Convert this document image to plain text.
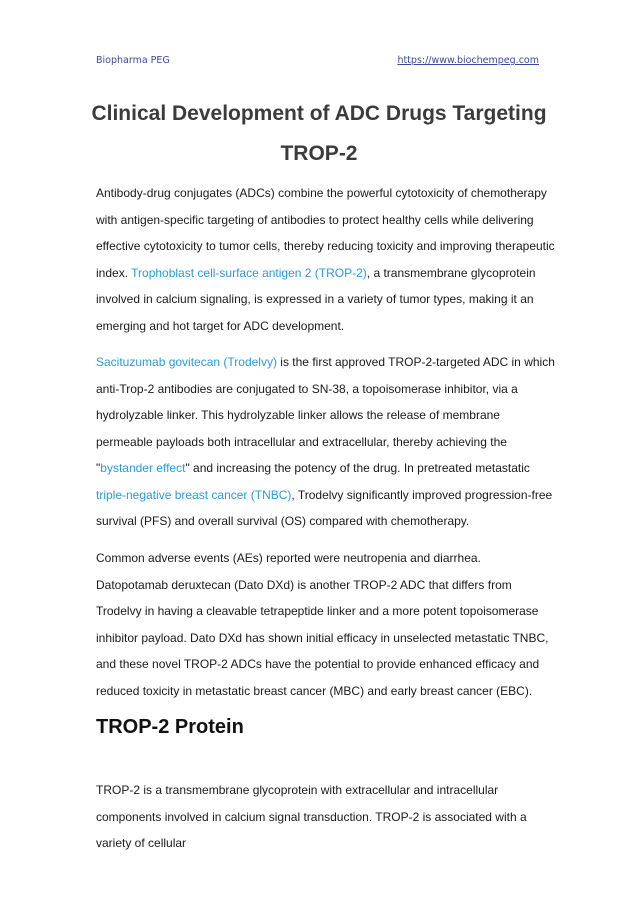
Biopharma PEG	https://www.biochempeg.com
Clinical Development of ADC Drugs Targeting TROP-2

Antibody-drug conjugates (ADCs) combine the powerful cytotoxicity of chemotherapy with antigen-specific targeting of antibodies to protect healthy cells while delivering effective cytotoxicity to tumor cells, thereby reducing toxicity and improving therapeutic index. Trophoblast cell-surface antigen 2 (TROP-2), a transmembrane glycoprotein involved in calcium signaling, is expressed in a variety of tumor types, making it an emerging and hot target for ADC development.

Sacituzumab govitecan (Trodelvy) is the first approved TROP-2-targeted ADC in which anti-Trop-2 antibodies are conjugated to SN-38, a topoisomerase inhibitor, via a hydrolyzable linker. This hydrolyzable linker allows the release of membrane permeable payloads both intracellular and extracellular, thereby achieving the "bystander effect" and increasing the potency of the drug. In pretreated metastatic triple-negative breast cancer (TNBC), Trodelvy significantly improved progression-free survival (PFS) and overall survival (OS) compared with chemotherapy.

Common adverse events (AEs) reported were neutropenia and diarrhea. Datopotamab deruxtecan (Dato DXd) is another TROP-2 ADC that differs from Trodelvy in having a cleavable tetrapeptide linker and a more potent topoisomerase inhibitor payload. Dato DXd has shown initial efficacy in unselected metastatic TNBC, and these novel TROP-2 ADCs have the potential to provide enhanced efficacy and reduced toxicity in metastatic breast cancer (MBC) and early breast cancer (EBC).

TROP-2 Protein

TROP-2 is a transmembrane glycoprotein with extracellular and intracellular components involved in calcium signal transduction. TROP-2 is associated with a variety of cellular
